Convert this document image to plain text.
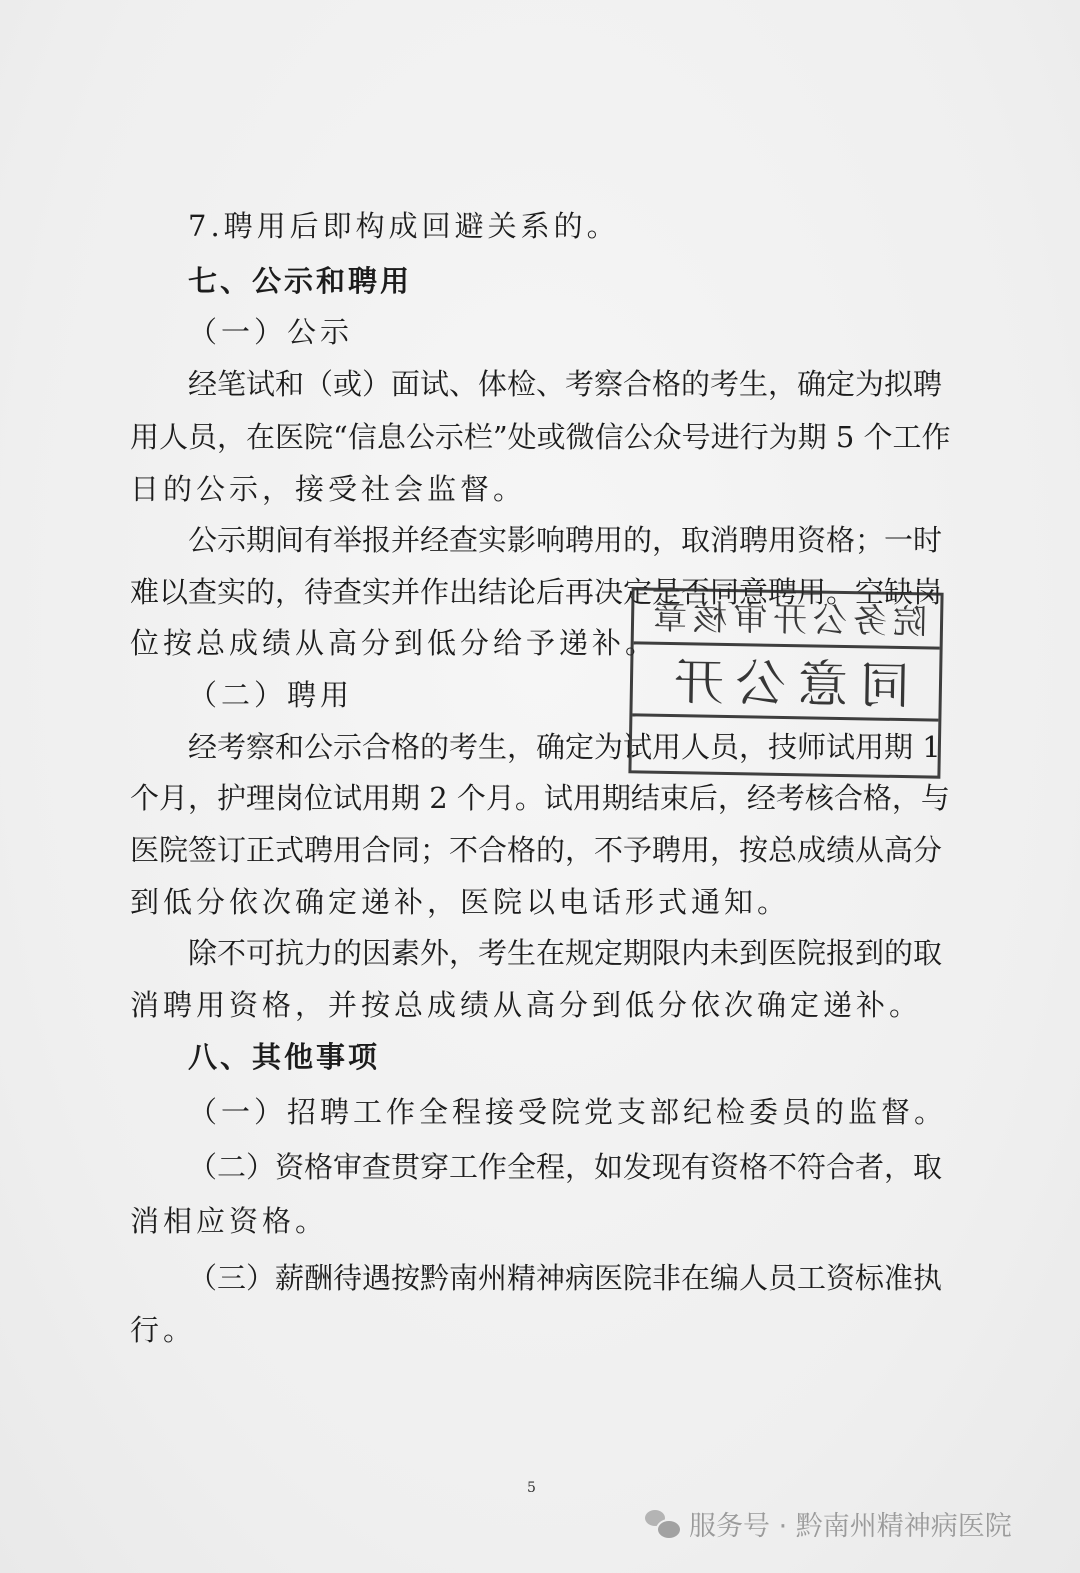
7.聘用后即构成回避关系的。
七、公示和聘用
（一）公示
经笔试和（或）面试、体检、考察合格的考生，确定为拟聘
用人员，在医院“信息公示栏”处或微信公众号进行为期 5 个工作
日的公示，接受社会监督。
公示期间有举报并经查实影响聘用的，取消聘用资格；一时
难以查实的，待查实并作出结论后再决定是否同意聘用。空缺岗
位按总成绩从高分到低分给予递补。
（二）聘用
经考察和公示合格的考生，确定为试用人员，技师试用期 1
个月，护理岗位试用期 2 个月。试用期结束后，经考核合格，与
医院签订正式聘用合同；不合格的，不予聘用，按总成绩从高分
到低分依次确定递补，医院以电话形式通知。
除不可抗力的因素外，考生在规定期限内未到医院报到的取
消聘用资格，并按总成绩从高分到低分依次确定递补。
八、其他事项
（一）招聘工作全程接受院党支部纪检委员的监督。
（二）资格审查贯穿工作全程，如发现有资格不符合者，取
消相应资格。
（三）薪酬待遇按黔南州精神病医院非在编人员工资标准执
行。
院务公开审核章
同意公开
5
服务号 · 黔南州精神病医院
